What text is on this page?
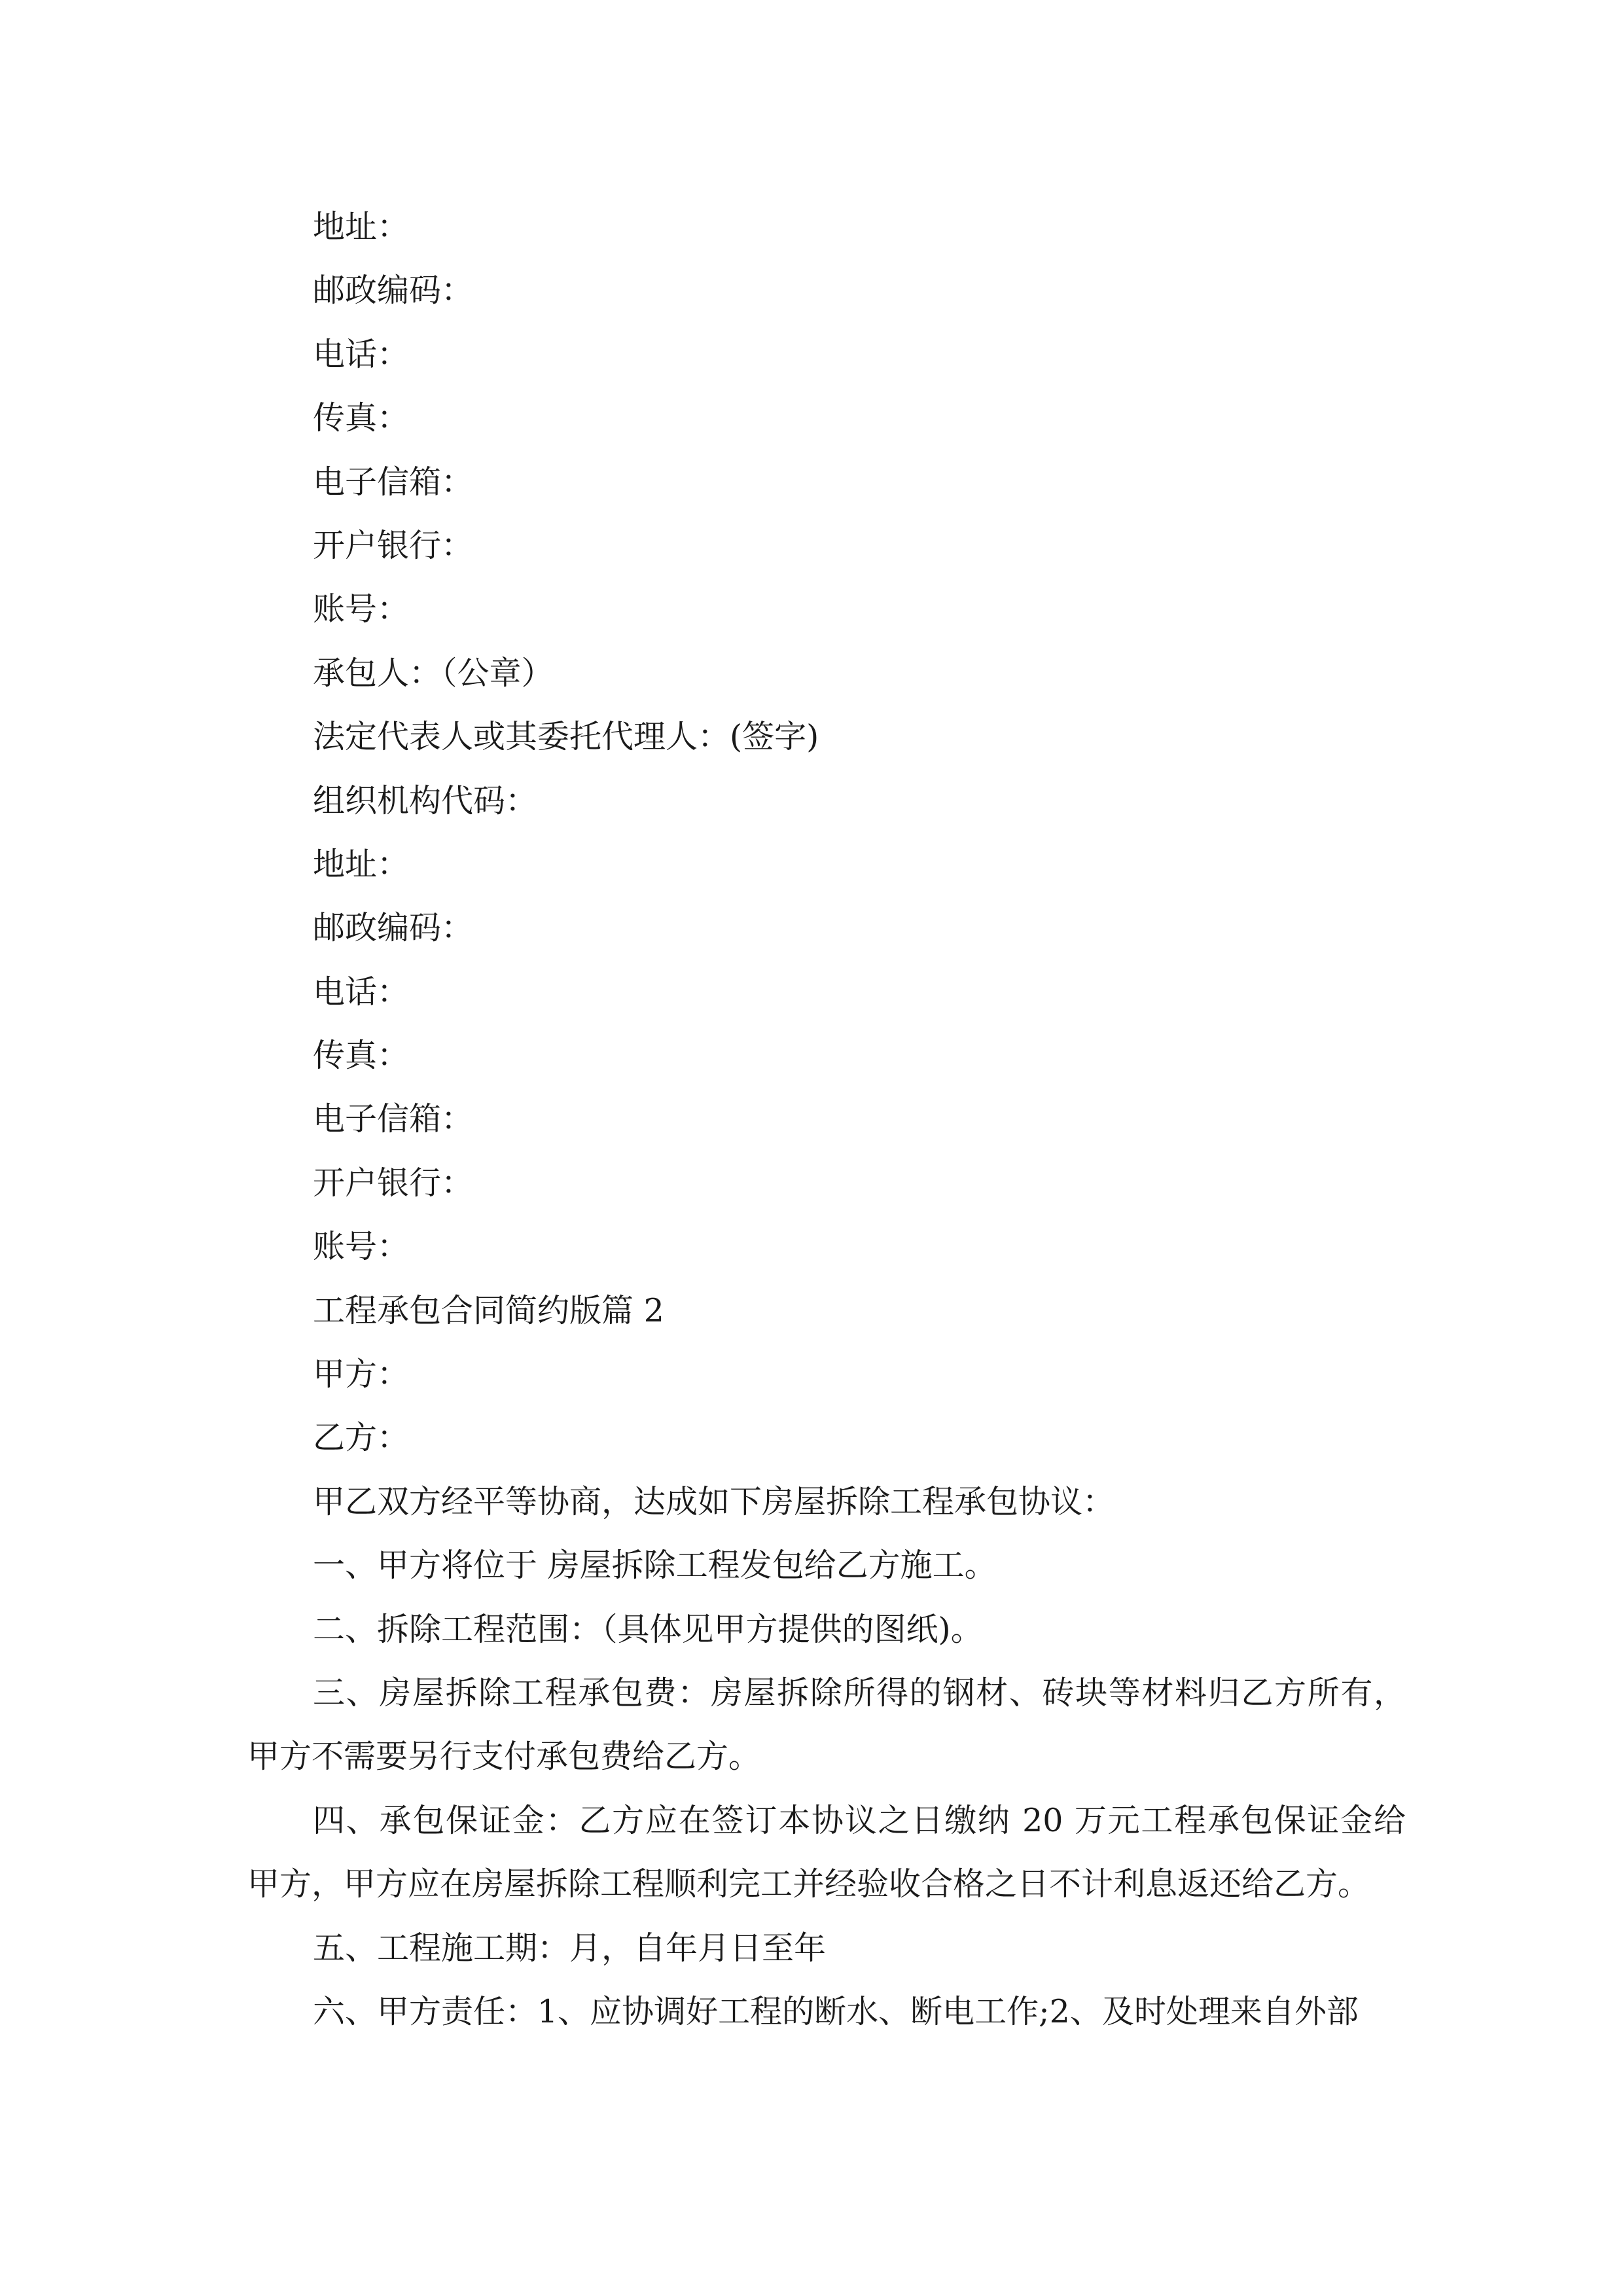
地址：

邮政编码：

电话：

传真：

电子信箱：

开户银行：

账号：

承包人：（公章）

法定代表人或其委托代理人：(签字)

组织机构代码：

地址：

邮政编码：

电话：

传真：

电子信箱：

开户银行：

账号：

工程承包合同简约版篇 2

甲方：

乙方：

甲乙双方经平等协商，达成如下房屋拆除工程承包协议：

一、甲方将位于 房屋拆除工程发包给乙方施工。

二、拆除工程范围：（具体见甲方提供的图纸)。

三、房屋拆除工程承包费：房屋拆除所得的钢材、砖块等材料归乙方所有，
甲方不需要另行支付承包费给乙方。
四、承包保证金：乙方应在签订本协议之日缴纳 20 万元工程承包保证金给
甲方，甲方应在房屋拆除工程顺利完工并经验收合格之日不计利息返还给乙方。

五、工程施工期：月，自年月日至年

六、甲方责任：1、应协调好工程的断水、断电工作;2、及时处理来自外部
